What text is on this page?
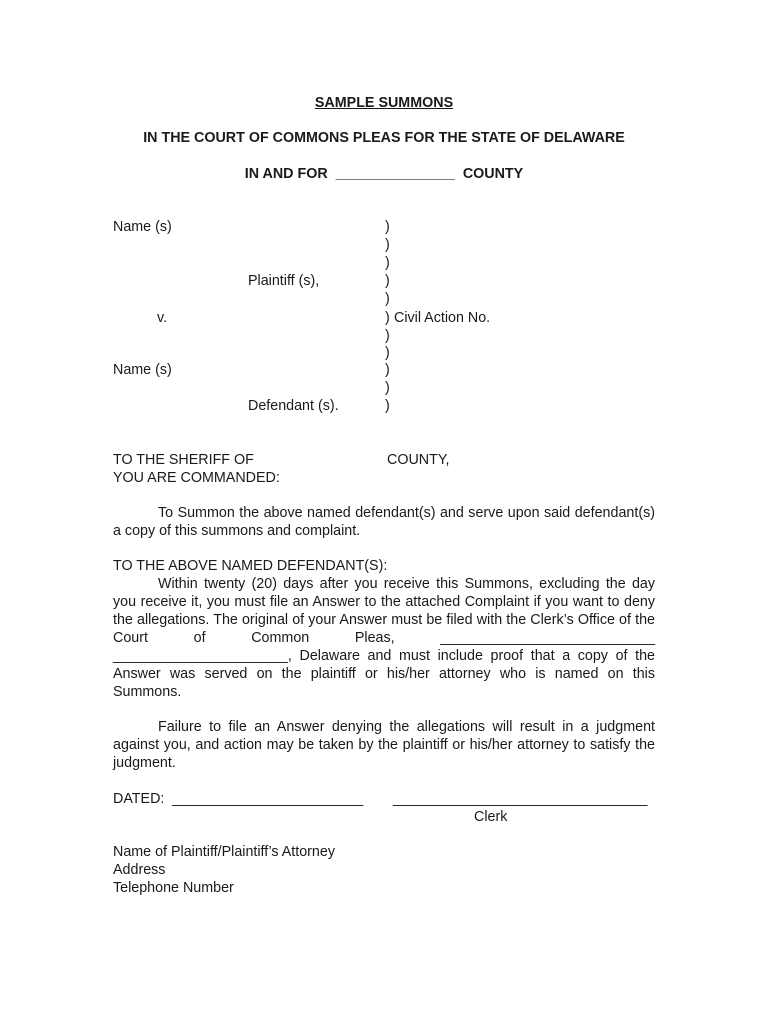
SAMPLE SUMMONS
IN THE COURT OF COMMONS PLEAS FOR THE STATE OF DELAWARE
IN AND FOR  _______________  COUNTY
Name (s)
Plaintiff (s),
v.	Civil Action No.
Name (s)
Defendant (s).
)
)
)
)
)
)
)
)
)
)
)
TO THE SHERIFF OF	COUNTY,
YOU ARE COMMANDED:
To Summon the above named defendant(s) and serve upon said defendant(s) a copy of this summons and complaint.
TO THE ABOVE NAMED DEFENDANT(S):
Within twenty (20) days after you receive this Summons, excluding the day you receive it, you must file an Answer to the attached Complaint if you want to deny the allegations. The original of your Answer must be filed with the Clerk’s Office of the Court of Common Pleas, ___________________________
______________________, Delaware and must include proof that a copy of the Answer was served on the plaintiff or his/her attorney who is named on this Summons.
Failure to file an Answer denying the allegations will result in a judgment against you, and action may be taken by the plaintiff or his/her attorney to satisfy the judgment.
DATED:  ________________________ ________________________________
Clerk
Name of Plaintiff/Plaintiff’s Attorney
Address
Telephone Number
